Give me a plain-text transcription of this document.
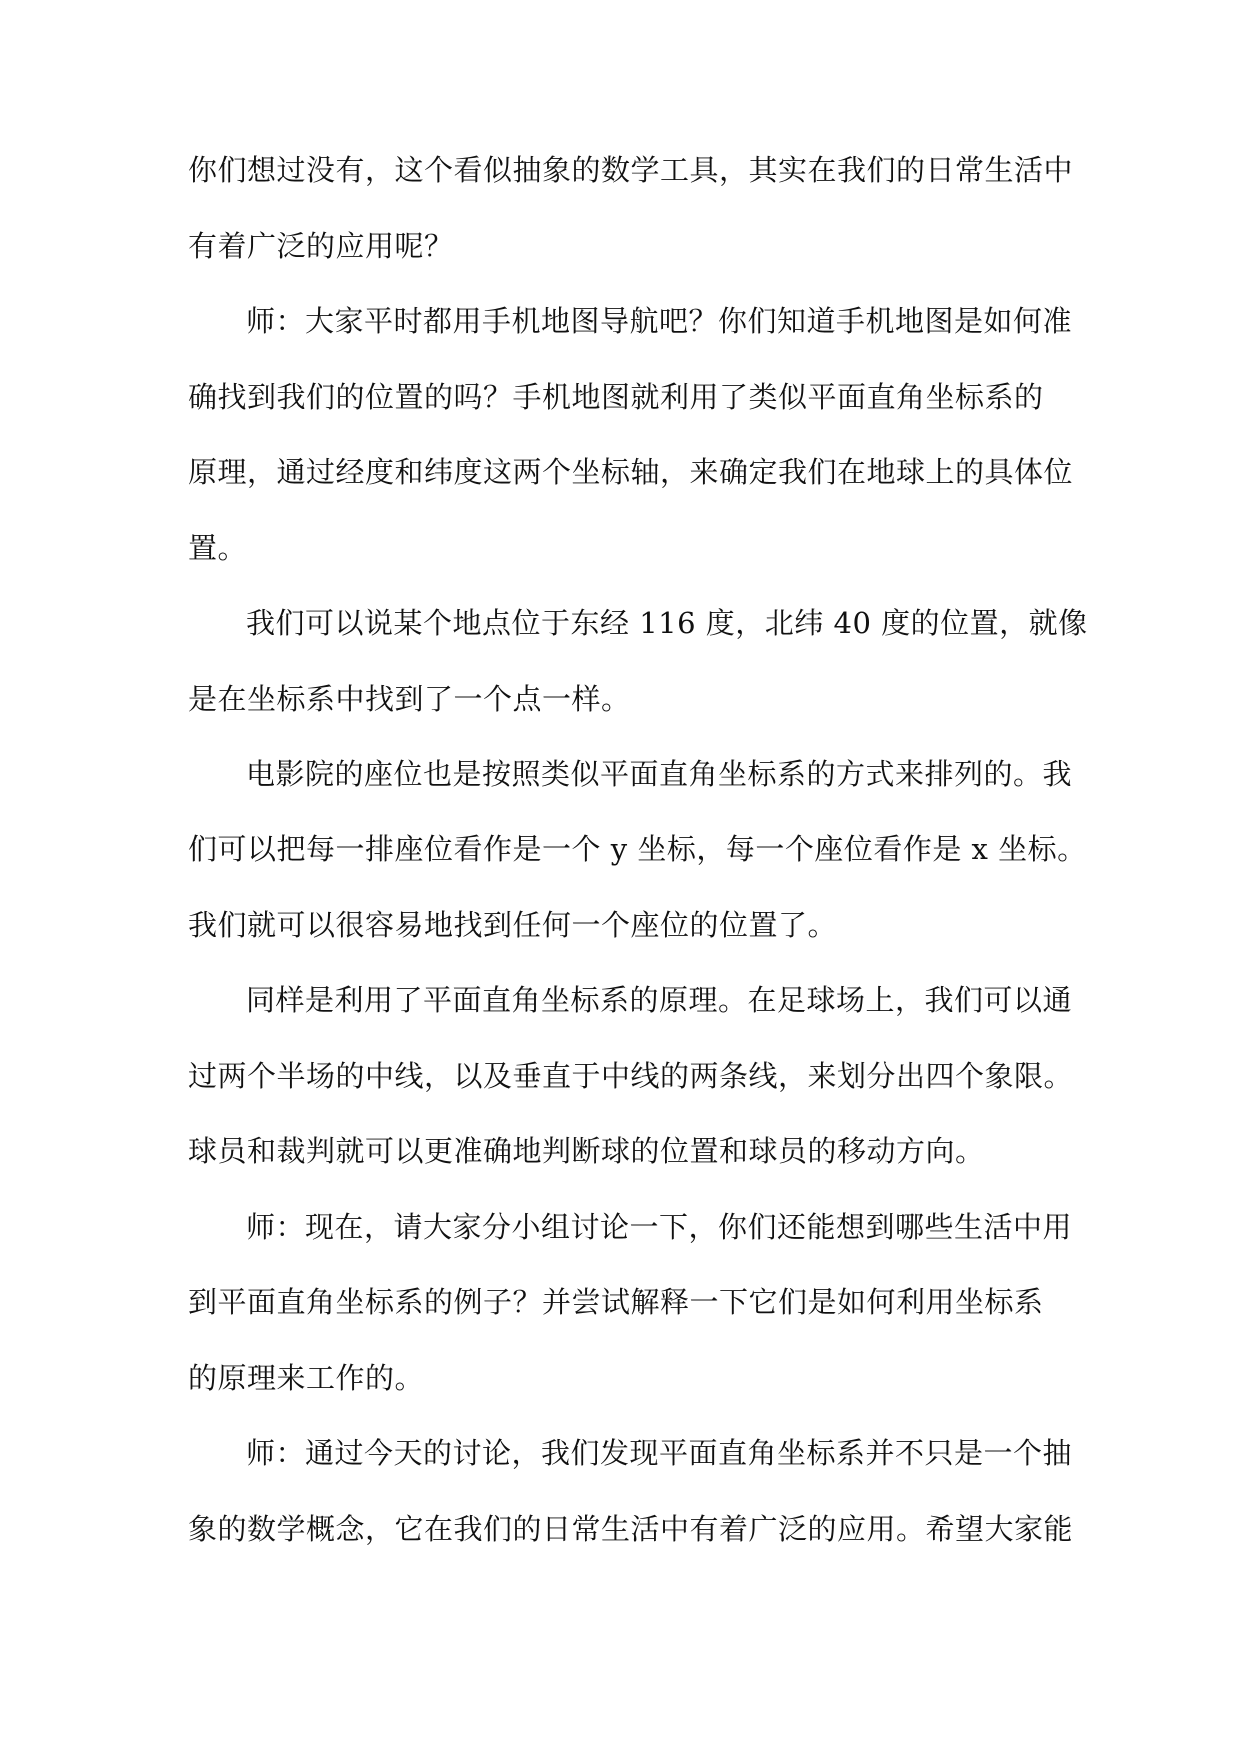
你们想过没有，这个看似抽象的数学工具，其实在我们的日常生活中
有着广泛的应用呢？
师：大家平时都用手机地图导航吧？你们知道手机地图是如何准
确找到我们的位置的吗？手机地图就利用了类似平面直角坐标系的
原理，通过经度和纬度这两个坐标轴，来确定我们在地球上的具体位
置。
我们可以说某个地点位于东经 116 度，北纬 40 度的位置，就像
是在坐标系中找到了一个点一样。
电影院的座位也是按照类似平面直角坐标系的方式来排列的。我
们可以把每一排座位看作是一个 y 坐标，每一个座位看作是 x 坐标。
我们就可以很容易地找到任何一个座位的位置了。
同样是利用了平面直角坐标系的原理。在足球场上，我们可以通
过两个半场的中线，以及垂直于中线的两条线，来划分出四个象限。
球员和裁判就可以更准确地判断球的位置和球员的移动方向。
师：现在，请大家分小组讨论一下，你们还能想到哪些生活中用
到平面直角坐标系的例子？并尝试解释一下它们是如何利用坐标系
的原理来工作的。
师：通过今天的讨论，我们发现平面直角坐标系并不只是一个抽
象的数学概念，它在我们的日常生活中有着广泛的应用。希望大家能
